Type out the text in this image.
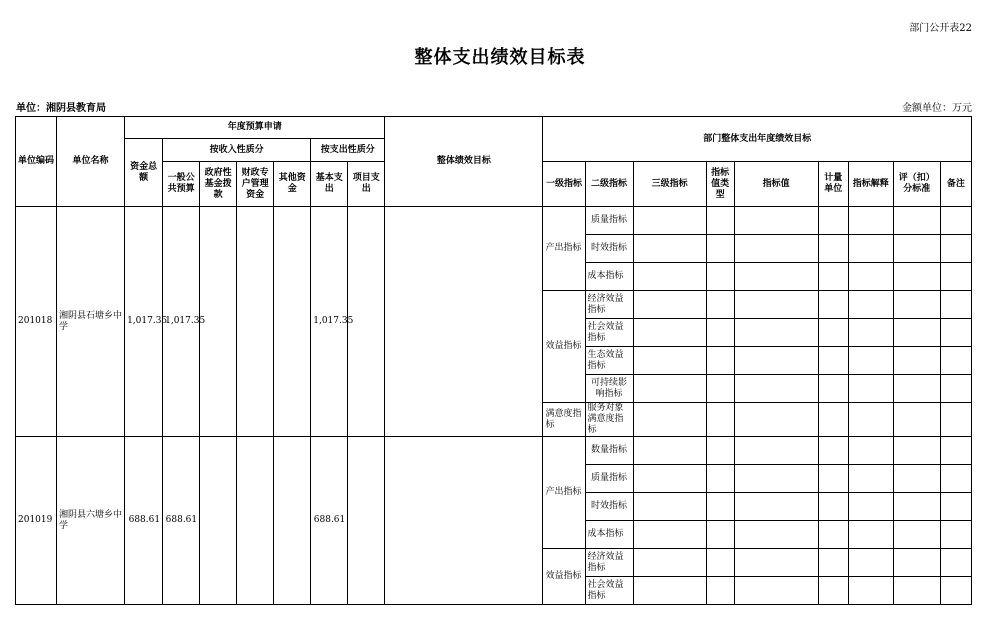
部门公开表22
整体支出绩效目标表
单位：湘阴县教育局	金额单位：万元
单位编码	单位名称	年度预算申请							整体绩效目标	部门整体支出年度绩效目标								
		资金总额	按收入性质分				按支出性质分											
			一般公共预算	政府性基金拨款	财政专户管理资金	其他资金	基本支出	项目支出		一级指标	二级指标	三级指标	指标值类型	指标值	计量单位	指标解释	评（扣）分标准	备注
201018	湘阴县石塘乡中学	1,017.35	1,017.35				1,017.35			产出指标	质量指标							
											时效指标							
											成本指标							
										效益指标	经济效益指标							
											社会效益指标							
											生态效益指标							
											可持续影响指标							
										满意度指标	服务对象满意度指标							
201019	湘阴县六塘乡中学	688.61	688.61				688.61			产出指标	数量指标							
											质量指标							
											时效指标							
											成本指标							
										效益指标	经济效益指标							
											社会效益指标							
